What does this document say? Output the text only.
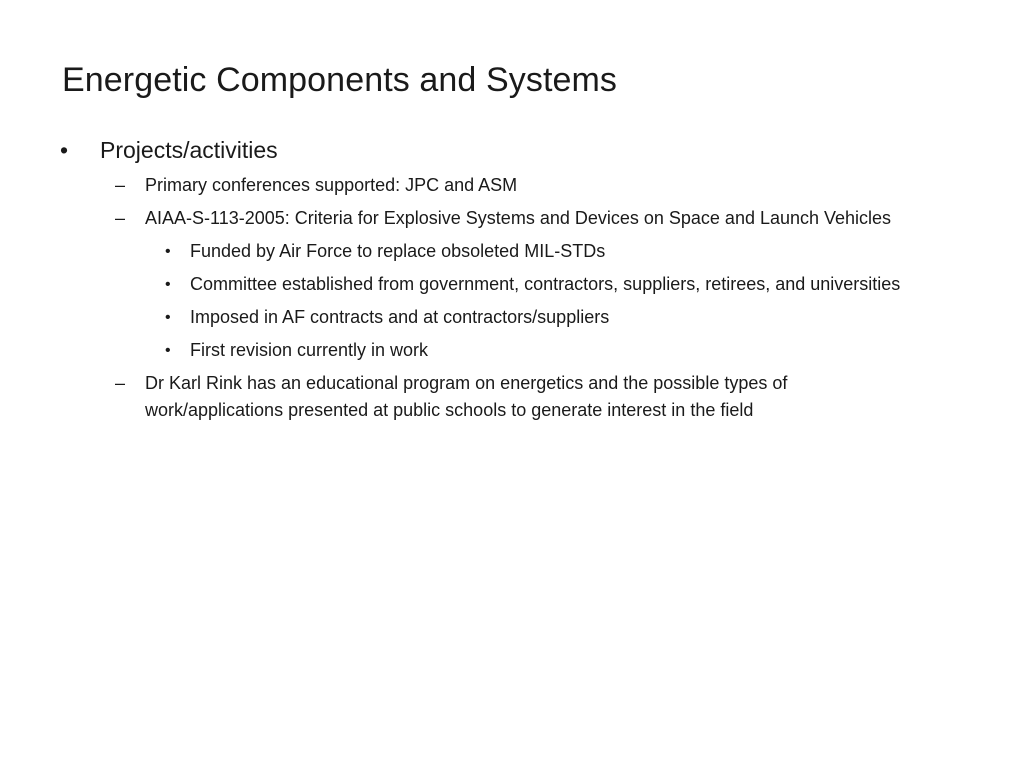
Energetic Components and Systems
• Projects/activities
– Primary conferences supported: JPC and ASM
– AIAA-S-113-2005: Criteria for Explosive Systems and Devices on Space and Launch Vehicles
• Funded by Air Force to replace obsoleted MIL-STDs
• Committee established from government, contractors, suppliers, retirees, and universities
• Imposed in AF contracts and at contractors/suppliers
• First revision currently in work
– Dr Karl Rink has an educational program on energetics and the possible types of work/applications presented at public schools to generate interest in the field
